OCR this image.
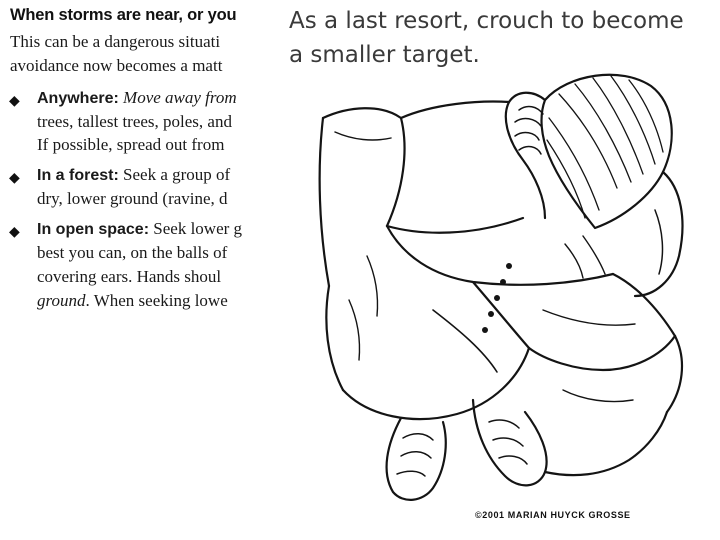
When storms are near, or you
This can be a dangerous situati
avoidance now becomes a matt
◆ Anywhere: Move away from
trees, tallest trees, poles, and
If possible, spread out from
◆ In a forest: Seek a group of
dry, lower ground (ravine, d
◆ In open space: Seek lower g
best you can, on the balls of
covering ears. Hands shoul
ground. When seeking lowe
As a last resort, crouch to become
a smaller target.
©2001 MARIAN HUYCK GROSSE
